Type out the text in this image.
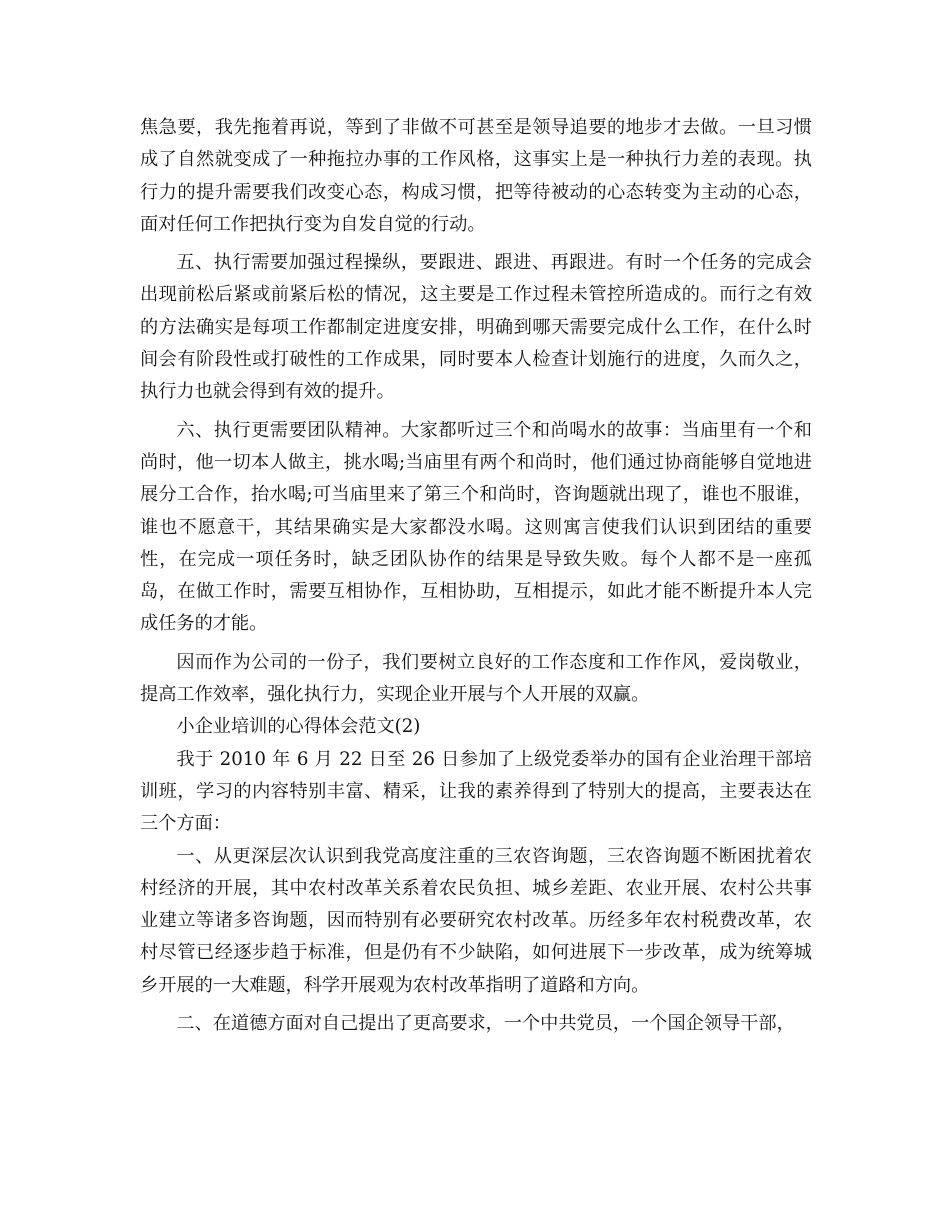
焦急要，我先拖着再说，等到了非做不可甚至是领导追要的地步才去做。一旦习惯成了自然就变成了一种拖拉办事的工作风格，这事实上是一种执行力差的表现。执行力的提升需要我们改变心态，构成习惯，把等待被动的心态转变为主动的心态，面对任何工作把执行变为自发自觉的行动。

五、执行需要加强过程操纵，要跟进、跟进、再跟进。有时一个任务的完成会出现前松后紧或前紧后松的情况，这主要是工作过程未管控所造成的。而行之有效的方法确实是每项工作都制定进度安排，明确到哪天需要完成什么工作，在什么时间会有阶段性或打破性的工作成果，同时要本人检查计划施行的进度，久而久之，执行力也就会得到有效的提升。

六、执行更需要团队精神。大家都听过三个和尚喝水的故事：当庙里有一个和尚时，他一切本人做主，挑水喝;当庙里有两个和尚时，他们通过协商能够自觉地进展分工合作，抬水喝;可当庙里来了第三个和尚时，咨询题就出现了，谁也不服谁，谁也不愿意干，其结果确实是大家都没水喝。这则寓言使我们认识到团结的重要性，在完成一项任务时，缺乏团队协作的结果是导致失败。每个人都不是一座孤岛，在做工作时，需要互相协作，互相协助，互相提示，如此才能不断提升本人完成任务的才能。

因而作为公司的一份子，我们要树立良好的工作态度和工作作风，爱岗敬业，提高工作效率，强化执行力，实现企业开展与个人开展的双赢。

小企业培训的心得体会范文(2)

我于 2010 年 6 月 22 日至 26 日参加了上级党委举办的国有企业治理干部培训班，学习的内容特别丰富、精采，让我的素养得到了特别大的提高，主要表达在三个方面：

一、从更深层次认识到我党高度注重的三农咨询题，三农咨询题不断困扰着农村经济的开展，其中农村改革关系着农民负担、城乡差距、农业开展、农村公共事业建立等诸多咨询题，因而特别有必要研究农村改革。历经多年农村税费改革，农村尽管已经逐步趋于标准，但是仍有不少缺陷，如何进展下一步改革，成为统筹城乡开展的一大难题，科学开展观为农村改革指明了道路和方向。

二、在道德方面对自己提出了更高要求，一个中共党员，一个国企领导干部，
